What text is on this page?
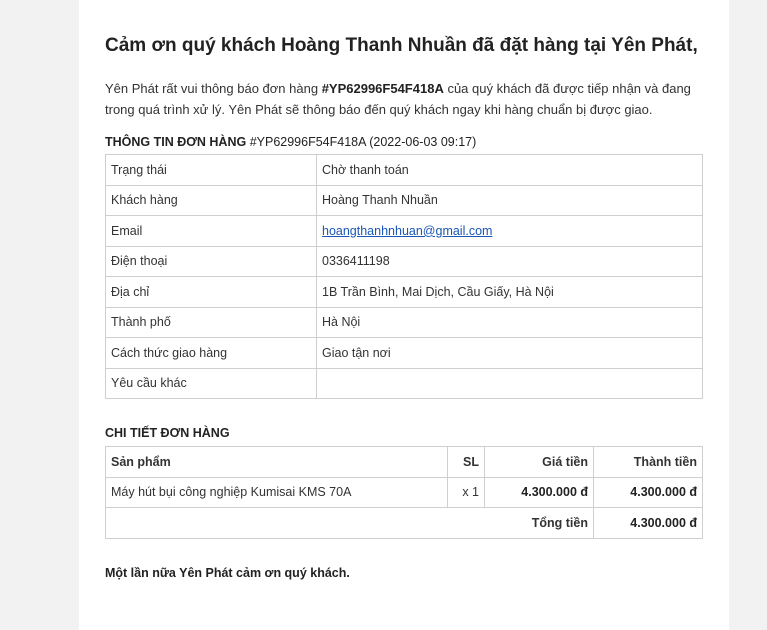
Cảm ơn quý khách Hoàng Thanh Nhuần đã đặt hàng tại Yên Phát,
Yên Phát rất vui thông báo đơn hàng #YP62996F54F418A của quý khách đã được tiếp nhận và đang trong quá trình xử lý. Yên Phát sẽ thông báo đến quý khách ngay khi hàng chuẩn bị được giao.
THÔNG TIN ĐƠN HÀNG #YP62996F54F418A (2022-06-03 09:17)
Trạng thái	Chờ thanh toán
Khách hàng	Hoàng Thanh Nhuần
Email	hoangthanhnhuan@gmail.com
Điện thoại	0336411198
Địa chỉ	1B Trần Bình, Mai Dịch, Cầu Giấy, Hà Nội
Thành phố	Hà Nội
Cách thức giao hàng	Giao tận nơi
Yêu cầu khác	
CHI TIẾT ĐƠN HÀNG
Sản phẩm	SL	Giá tiền	Thành tiền
Máy hút bụi công nghiệp Kumisai KMS 70A	x 1	4.300.000 đ	4.300.000 đ
Tổng tiền			4.300.000 đ
Một lần nữa Yên Phát cảm ơn quý khách.
